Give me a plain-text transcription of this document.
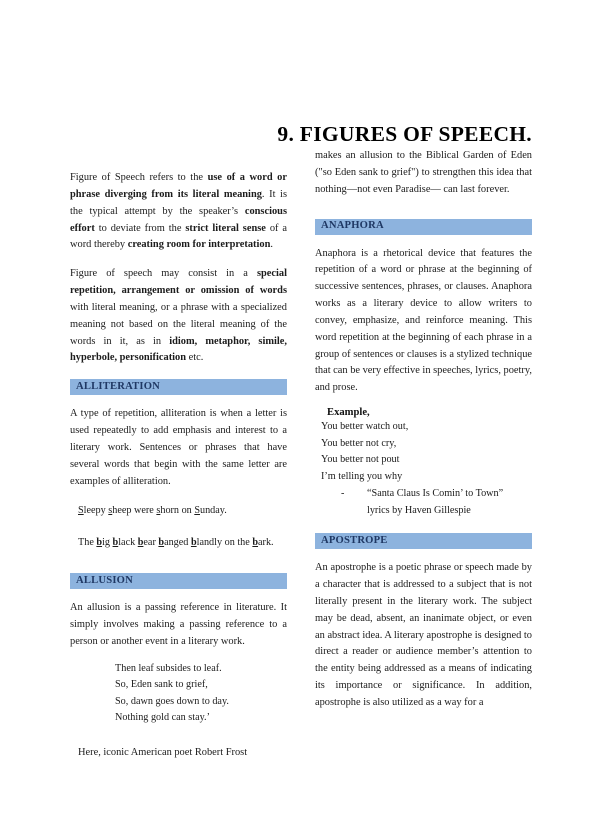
9. FIGURES OF SPEECH.

Figure of Speech refers to the use of a word or phrase diverging from its literal meaning. It is the typical attempt by the speaker’s conscious effort to deviate from the strict literal sense of a word thereby creating room for interpretation.

Figure of speech may consist in a special repetition, arrangement or omission of words with literal meaning, or a phrase with a specialized meaning not based on the literal meaning of the words in it, as in idiom, metaphor, simile, hyperbole, personification etc.

ALLITERATION

A type of repetition, alliteration is when a letter is used repeatedly to add emphasis and interest to a literary work. Sentences or phrases that have several words that begin with the same letter are examples of alliteration.

Sleepy sheep were shorn on Sunday.

The big black bear banged blandly on the bark.

ALLUSION

An allusion is a passing reference in literature. It simply involves making a passing reference to a person or another event in a literary work.

Then leaf subsides to leaf.

So, Eden sank to grief,

So, dawn goes down to day.

Nothing gold can stay.’

Here, iconic American poet Robert Frost

makes an allusion to the Biblical Garden of Eden ("so Eden sank to grief") to strengthen this idea that nothing—not even Paradise— can last forever.

ANAPHORA

Anaphora is a rhetorical device that features the repetition of a word or phrase at the beginning of successive sentences, phrases, or clauses. Anaphora works as a literary device to allow writers to convey, emphasize, and reinforce meaning. This word repetition at the beginning of each phrase in a group of sentences or clauses is a stylized technique that can be very effective in speeches, lyrics, poetry, and prose.

Example,

You better watch out,

You better not cry,

You better not pout

I’m telling you why

-	“Santa Claus Is Comin’ to Town”
lyrics by Haven Gillespie
APOSTROPE

An apostrophe is a poetic phrase or speech made by a character that is addressed to a subject that is not literally present in the literary work. The subject may be dead, absent, an inanimate object, or even an abstract idea. A literary apostrophe is designed to direct a reader or audience member’s attention to the entity being addressed as a means of indicating its importance or significance. In addition, apostrophe is also utilized as a way for a
